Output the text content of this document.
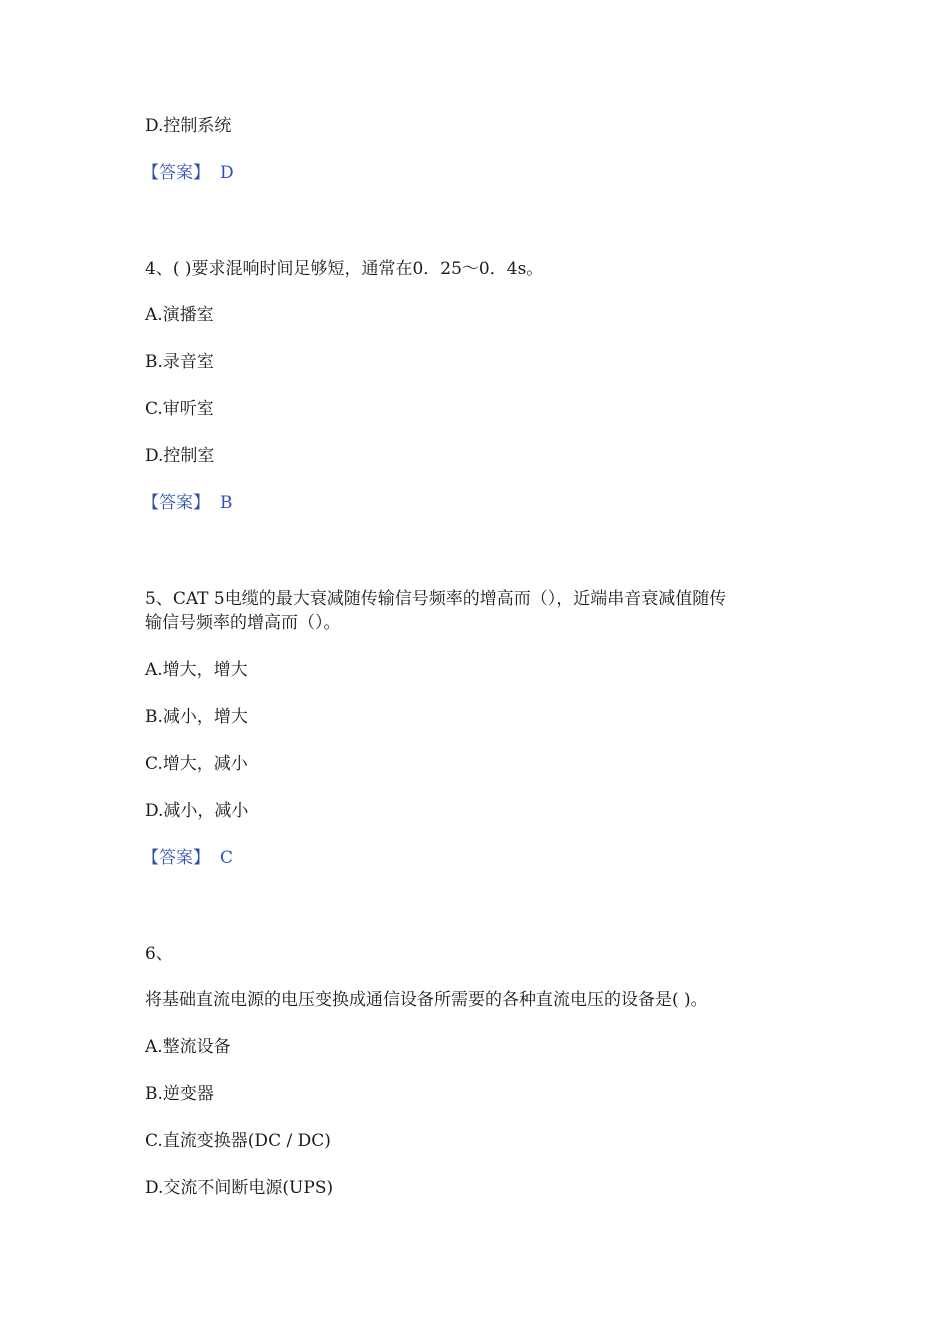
D.控制系统
【答案】 D
4、( )要求混响时间足够短，通常在0．25～0．4s。
A.演播室
B.录音室
C.审听室
D.控制室
【答案】 B
5、CAT 5电缆的最大衰减随传输信号频率的增高而（），近端串音衰减值随传
输信号频率的增高而（）。
A.增大，增大
B.减小，增大
C.增大，减小
D.减小，减小
【答案】 C
6、
将基础直流电源的电压变换成通信设备所需要的各种直流电压的设备是( )。
A.整流设备
B.逆变器
C.直流变换器(DC / DC)
D.交流不间断电源(UPS)
